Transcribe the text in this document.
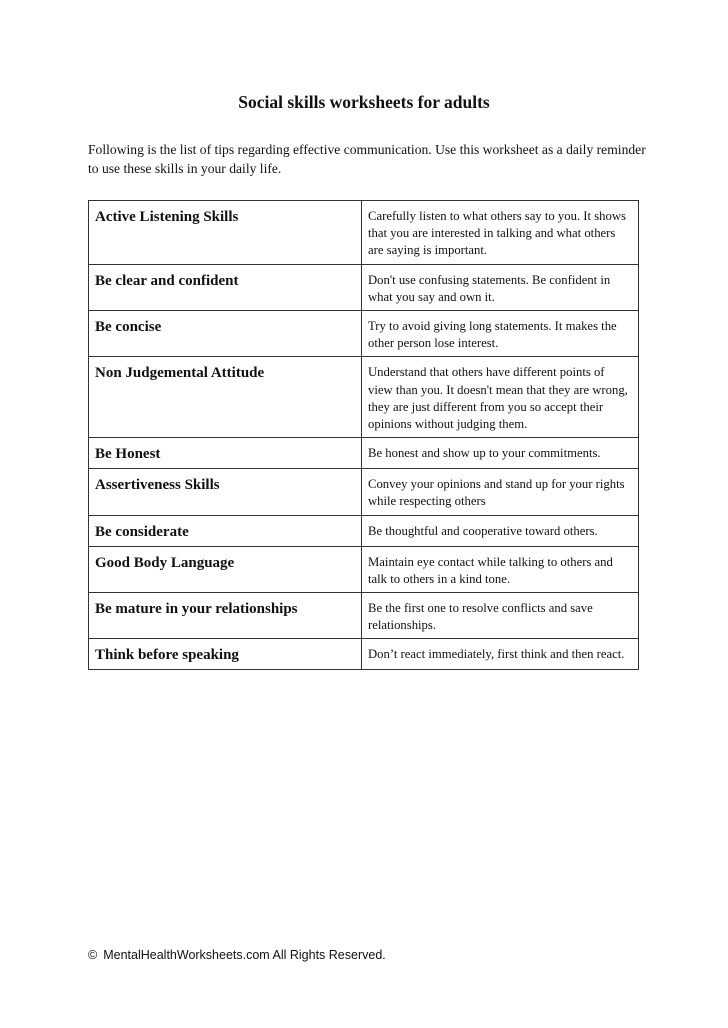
Social skills worksheets for adults
Following is the list of tips regarding effective communication. Use this worksheet as a daily reminder to use these skills in your daily life.
Active Listening Skills	Carefully listen to what others say to you. It shows that you are interested in talking and what others are saying is important.
Be clear and confident	Don't use confusing statements. Be confident in what you say and own it.
Be concise	Try to avoid giving long statements. It makes the other person lose interest.
Non Judgemental Attitude	Understand that others have different points of view than you. It doesn't mean that they are wrong, they are just different from you so accept their opinions without judging them.
Be Honest	Be honest and show up to your commitments.
Assertiveness Skills	Convey your opinions and stand up for your rights while respecting others
Be considerate	Be thoughtful and cooperative toward others.
Good Body Language	Maintain eye contact while talking to others and talk to others in a kind tone.
Be mature in your relationships	Be the first one to resolve conflicts and save relationships.
Think before speaking	Don’t react immediately, first think and then react.
© MentalHealthWorksheets.com All Rights Reserved.
